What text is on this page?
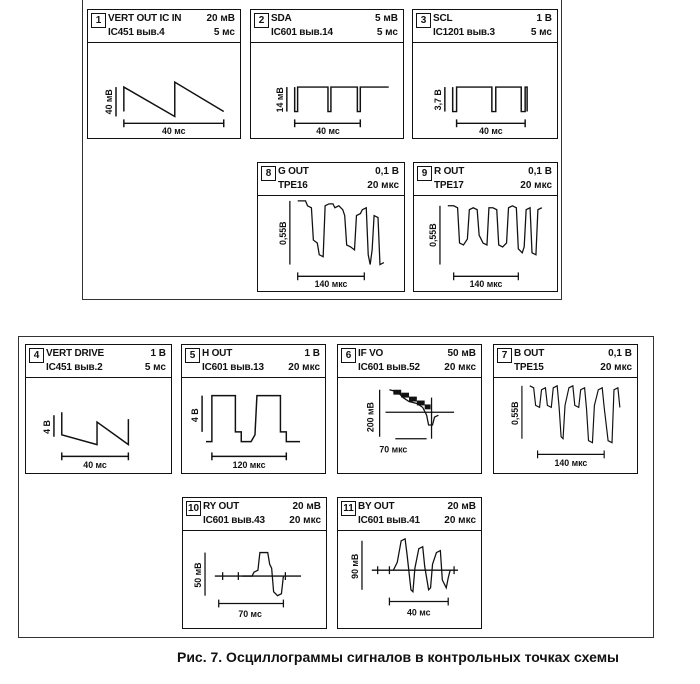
1 VERT OUT IC IN	20 мВ
IC451 выв.4	5 мс
40 мВ
40 мс
2 SDA	5 мВ
IC601 выв.14	5 мс
14 мВ
40 мс
3 SCL	1 В
IC1201 выв.3	5 мс
3,7 В
40 мс
8 G OUT	0,1 В
TPE16	20 мкс
0,55В
140 мкс
9 R OUT	0,1 В
TPE17	20 мкс
0,55В
140 мкс
4 VERT DRIVE	1 В
IC451 выв.2	5 мс
4 В
40 мс
5 H OUT	1 В
IC601 выв.13 20 мкс
4 В
120 мкс
6 IF VO	50 мВ
IC601 выв.52 20 мкс
200 мВ
70 мкс
7 B OUT	0,1 В
TPE15	20 мкс
0,55В
140 мкс
10 RY OUT	20 мВ
IC601 выв.43 20 мкс
50 мВ
70 мс
11 BY OUT	20 мВ
IC601 выв.41 20 мкс
90 мВ
40 мс
Рис. 7. Осциллограммы сигналов в контрольных точках схемы
